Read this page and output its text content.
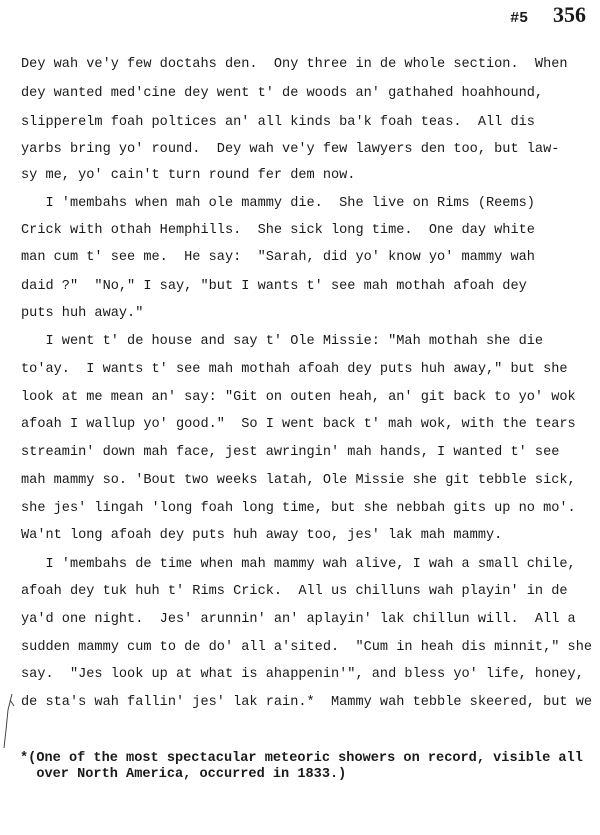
#5 356
Dey wah ve'y few doctahs den.  Ony three in de whole section.  When
dey wanted med'cine dey went t' de woods an' gathahed hoahhound,
slipperelm foah poltices an' all kinds ba'k foah teas.  All dis
yarbs bring yo' round.  Dey wah ve'y few lawyers den too, but law-
sy me, yo' cain't turn round fer dem now.
I 'membahs when mah ole mammy die.  She live on Rims (Reems)
Crick with othah Hemphills.  She sick long time.  One day white
man cum t' see me.  He say:  "Sarah, did yo' know yo' mammy wah
daid ?"  "No," I say, "but I wants t' see mah mothah afoah dey
puts huh away."
I went t' de house and say t' Ole Missie: "Mah mothah she die
to'ay.  I wants t' see mah mothah afoah dey puts huh away," but she
look at me mean an' say: "Git on outen heah, an' git back to yo' wok
afoah I wallup yo' good."  So I went back t' mah wok, with the tears
streamin' down mah face, jest awringin' mah hands, I wanted t' see
mah mammy so. 'Bout two weeks latah, Ole Missie she git tebble sick,
she jes' lingah 'long foah long time, but she nebbah gits up no mo'.
Wa'nt long afoah dey puts huh away too, jes' lak mah mammy.
I 'membahs de time when mah mammy wah alive, I wah a small chile,
afoah dey tuk huh t' Rims Crick.  All us chilluns wah playin' in de
ya'd one night.  Jes' arunnin' an' aplayin' lak chillun will.  All a
sudden mammy cum to de do' all a'sited.  "Cum in heah dis minnit," she
say.  "Jes look up at what is ahappenin'", and bless yo' life, honey,
de sta's wah fallin' jes' lak rain.*  Mammy wah tebble skeered, but we
*(One of the most spectacular meteoric showers on record, visible all
over North America, occurred in 1833.)
